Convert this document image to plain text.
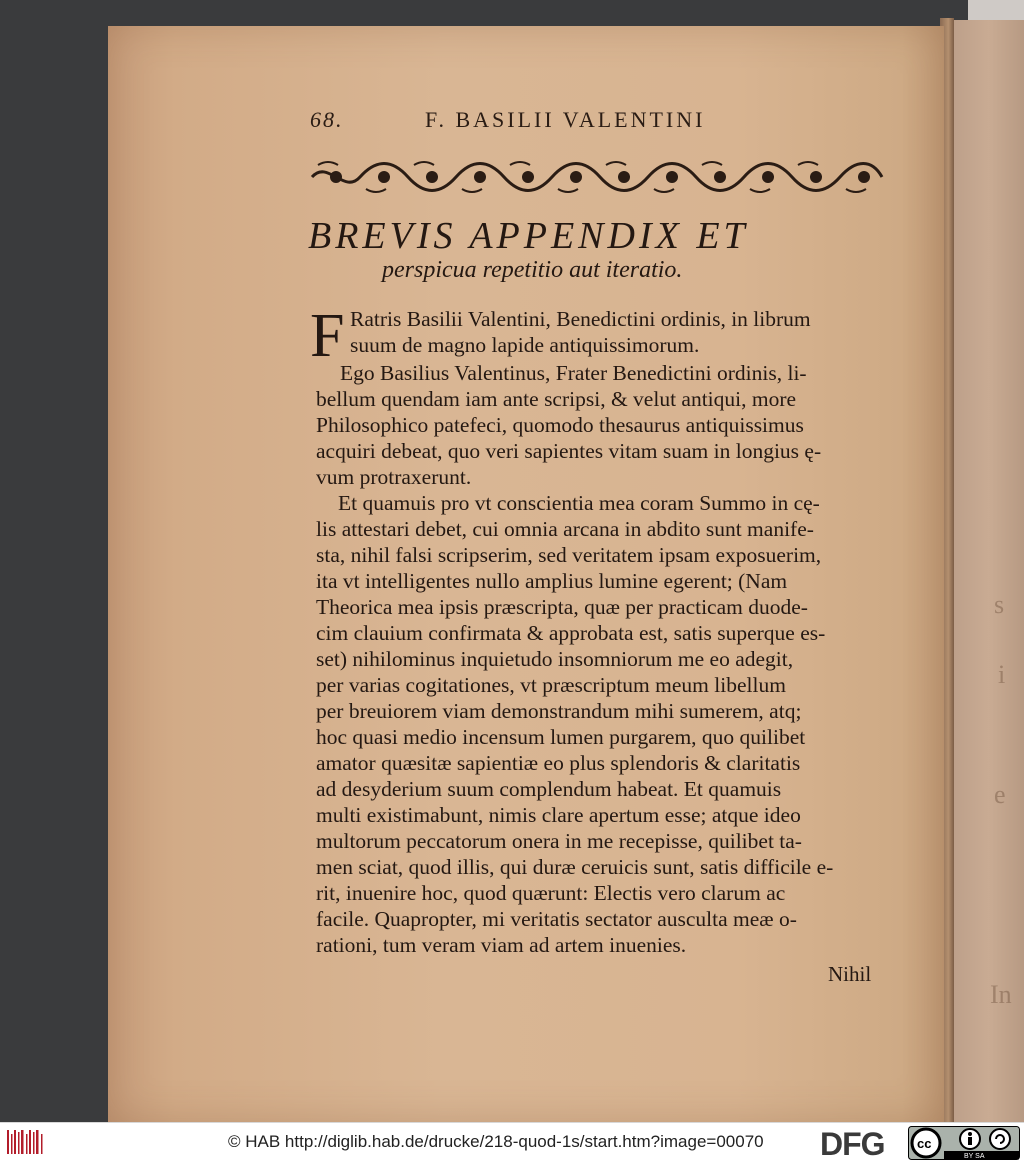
s
i
e
In
68.	F. BASILII VALENTINI
BREVIS APPENDIX ET
perspicua repetitio aut iteratio.
F Ratris Basilii Valentini, Benedictini ordinis, in librum
suum de magno lapide antiquissimorum.
Ego Basilius Valentinus, Frater Benedictini ordinis, li-
bellum quendam iam ante scripsi, & velut antiqui, more
Philosophico patefeci, quomodo thesaurus antiquissimus
acquiri debeat, quo veri sapientes vitam suam in longius ę-
vum protraxerunt.
Et quamuis pro vt conscientia mea coram Summo in cę-
lis attestari debet, cui omnia arcana in abdito sunt manife-
sta, nihil falsi scripserim, sed veritatem ipsam exposuerim,
ita vt intelligentes nullo amplius lumine egerent; (Nam
Theorica mea ipsis præscripta, quæ per practicam duode-
cim clauium confirmata & approbata est, satis superque es-
set) nihilominus inquietudo insomniorum me eo adegit,
per varias cogitationes, vt præscriptum meum libellum
per breuiorem viam demonstrandum mihi sumerem, atq;
hoc quasi medio incensum lumen purgarem, quo quilibet
amator quæsitæ sapientiæ eo plus splendoris & claritatis
ad desyderium suum complendum habeat. Et quamuis
multi existimabunt, nimis clare apertum esse; atque ideo
multorum peccatorum onera in me recepisse, quilibet ta-
men sciat, quod illis, qui duræ ceruicis sunt, satis difficile e-
rit, inuenire hoc, quod quærunt: Electis vero clarum ac
facile. Quapropter, mi veritatis sectator ausculta meæ o-
rationi, tum veram viam ad artem inuenies.
Nihil
© HAB http://diglib.hab.de/drucke/218-quod-1s/start.htm?image=00070 DFG cc
BY SA
